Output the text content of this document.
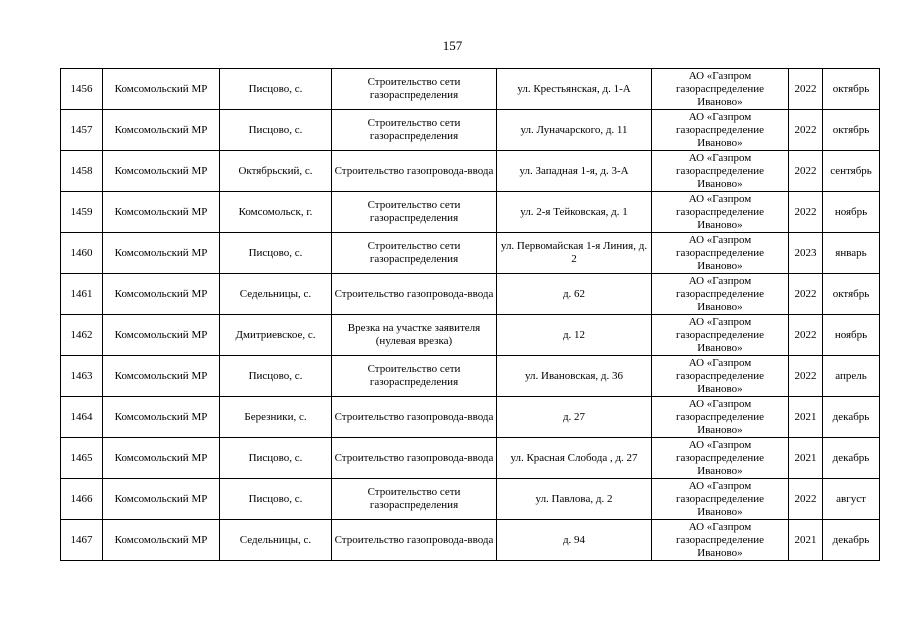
157
1456	Комсомольский МР	Писцово, с.	Строительство сети газораспределения	ул. Крестьянская, д. 1-А	АО «Газпром газораспределение Иваново»	2022	октябрь
1457	Комсомольский МР	Писцово, с.	Строительство сети газораспределения	ул. Луначарского, д. 11	АО «Газпром газораспределение Иваново»	2022	октябрь
1458	Комсомольский МР	Октябрьский, с.	Строительство газопровода-ввода	ул. Западная 1-я, д. 3-А	АО «Газпром газораспределение Иваново»	2022	сентябрь
1459	Комсомольский МР	Комсомольск, г.	Строительство сети газораспределения	ул. 2-я Тейковская, д. 1	АО «Газпром газораспределение Иваново»	2022	ноябрь
1460	Комсомольский МР	Писцово, с.	Строительство сети газораспределения	ул. Первомайская 1-я Линия, д. 2	АО «Газпром газораспределение Иваново»	2023	январь
1461	Комсомольский МР	Седельницы, с.	Строительство газопровода-ввода	д. 62	АО «Газпром газораспределение Иваново»	2022	октябрь
1462	Комсомольский МР	Дмитриевское, с.	Врезка на участке заявителя (нулевая врезка)	д. 12	АО «Газпром газораспределение Иваново»	2022	ноябрь
1463	Комсомольский МР	Писцово, с.	Строительство сети газораспределения	ул. Ивановская, д. 36	АО «Газпром газораспределение Иваново»	2022	апрель
1464	Комсомольский МР	Березники, с.	Строительство газопровода-ввода	д. 27	АО «Газпром газораспределение Иваново»	2021	декабрь
1465	Комсомольский МР	Писцово, с.	Строительство газопровода-ввода	ул. Красная Слобода , д. 27	АО «Газпром газораспределение Иваново»	2021	декабрь
1466	Комсомольский МР	Писцово, с.	Строительство сети газораспределения	ул. Павлова, д. 2	АО «Газпром газораспределение Иваново»	2022	август
1467	Комсомольский МР	Седельницы, с.	Строительство газопровода-ввода	д. 94	АО «Газпром газораспределение Иваново»	2021	декабрь
